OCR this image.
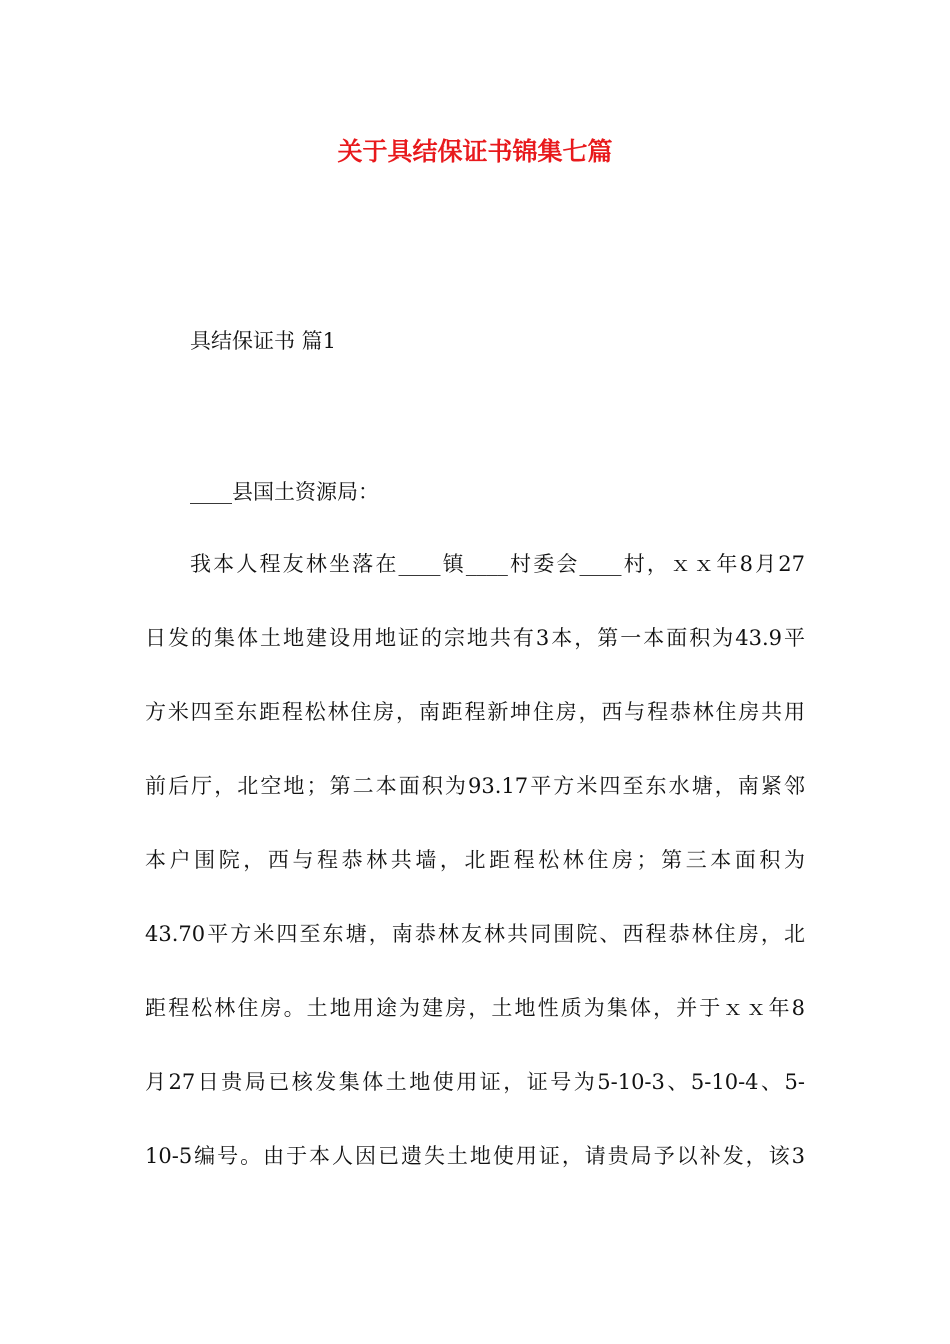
关于具结保证书锦集七篇

具结保证书 篇1

____县国土资源局：

我本人程友林坐落在____镇____村委会____村，ｘｘ年8月27
日发的集体土地建设用地证的宗地共有3本，第一本面积为43.9平
方米四至东距程松林住房，南距程新坤住房，西与程恭林住房共用
前后厅，北空地；第二本面积为93.17平方米四至东水塘，南紧邻
本户围院，西与程恭林共墙，北距程松林住房；第三本面积为
43.70平方米四至东塘，南恭林友林共同围院、西程恭林住房，北
距程松林住房。土地用途为建房，土地性质为集体，并于ｘｘ年8
月27日贵局已核发集体土地使用证，证号为5-10-3、5-10-4、5-
10-5编号。由于本人因已遗失土地使用证，请贵局予以补发，该3
